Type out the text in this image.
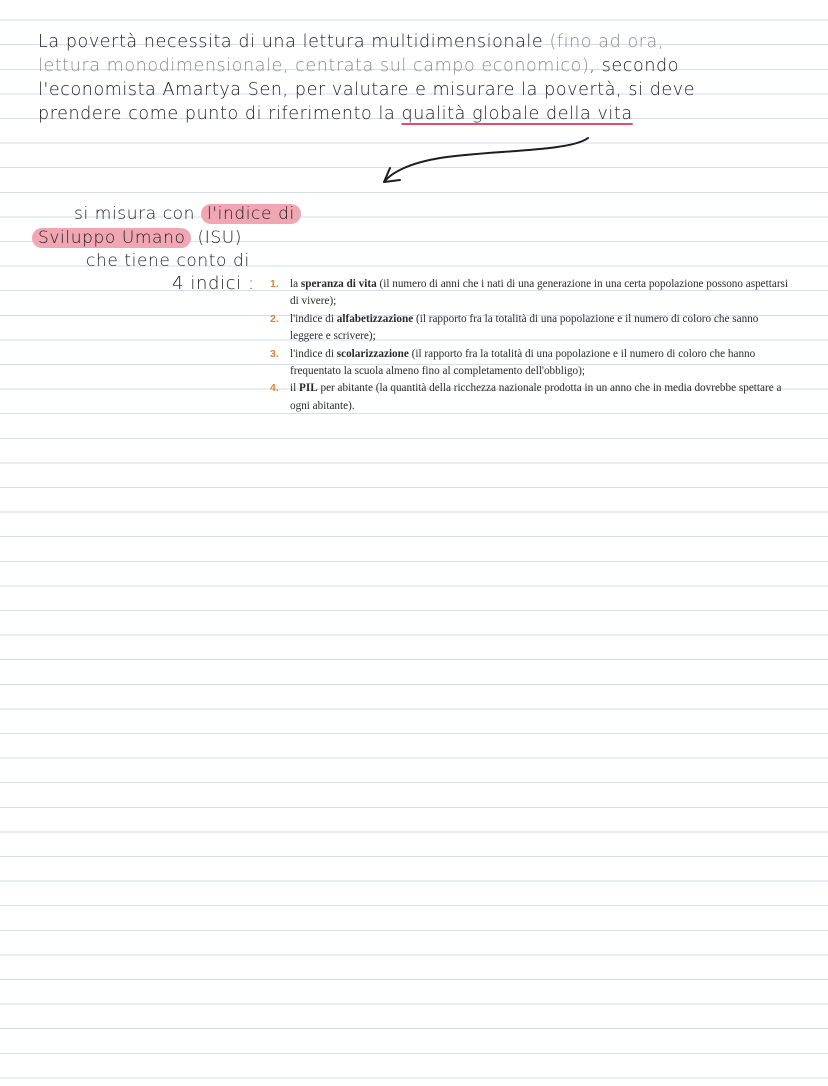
La povertà necessita di una lettura multidimensionale (fino ad ora,
lettura monodimensionale, centrata sul campo economico), secondo
l'economista Amartya Sen, per valutare e misurare la povertà, si deve
prendere come punto di riferimento la qualità globale della vita
si misura con l'indice di
Sviluppo Umano (ISU)
che tiene conto di
4 indici : 1.	la speranza di vita (il numero di anni che i nati di una generazione in una certa popolazione possono aspettarsi di vivere);
2.	l'indice di alfabetizzazione (il rapporto fra la totalità di una popolazione e il numero di coloro che sanno leggere e scrivere);
3.	l'indice di scolarizzazione (il rapporto fra la totalità di una popolazione e il numero di coloro che hanno frequentato la scuola almeno fino al completamento dell'obbligo);
4.	il PIL per abitante (la quantità della ricchezza nazionale prodotta in un anno che in media dovrebbe spettare a ogni abitante).
